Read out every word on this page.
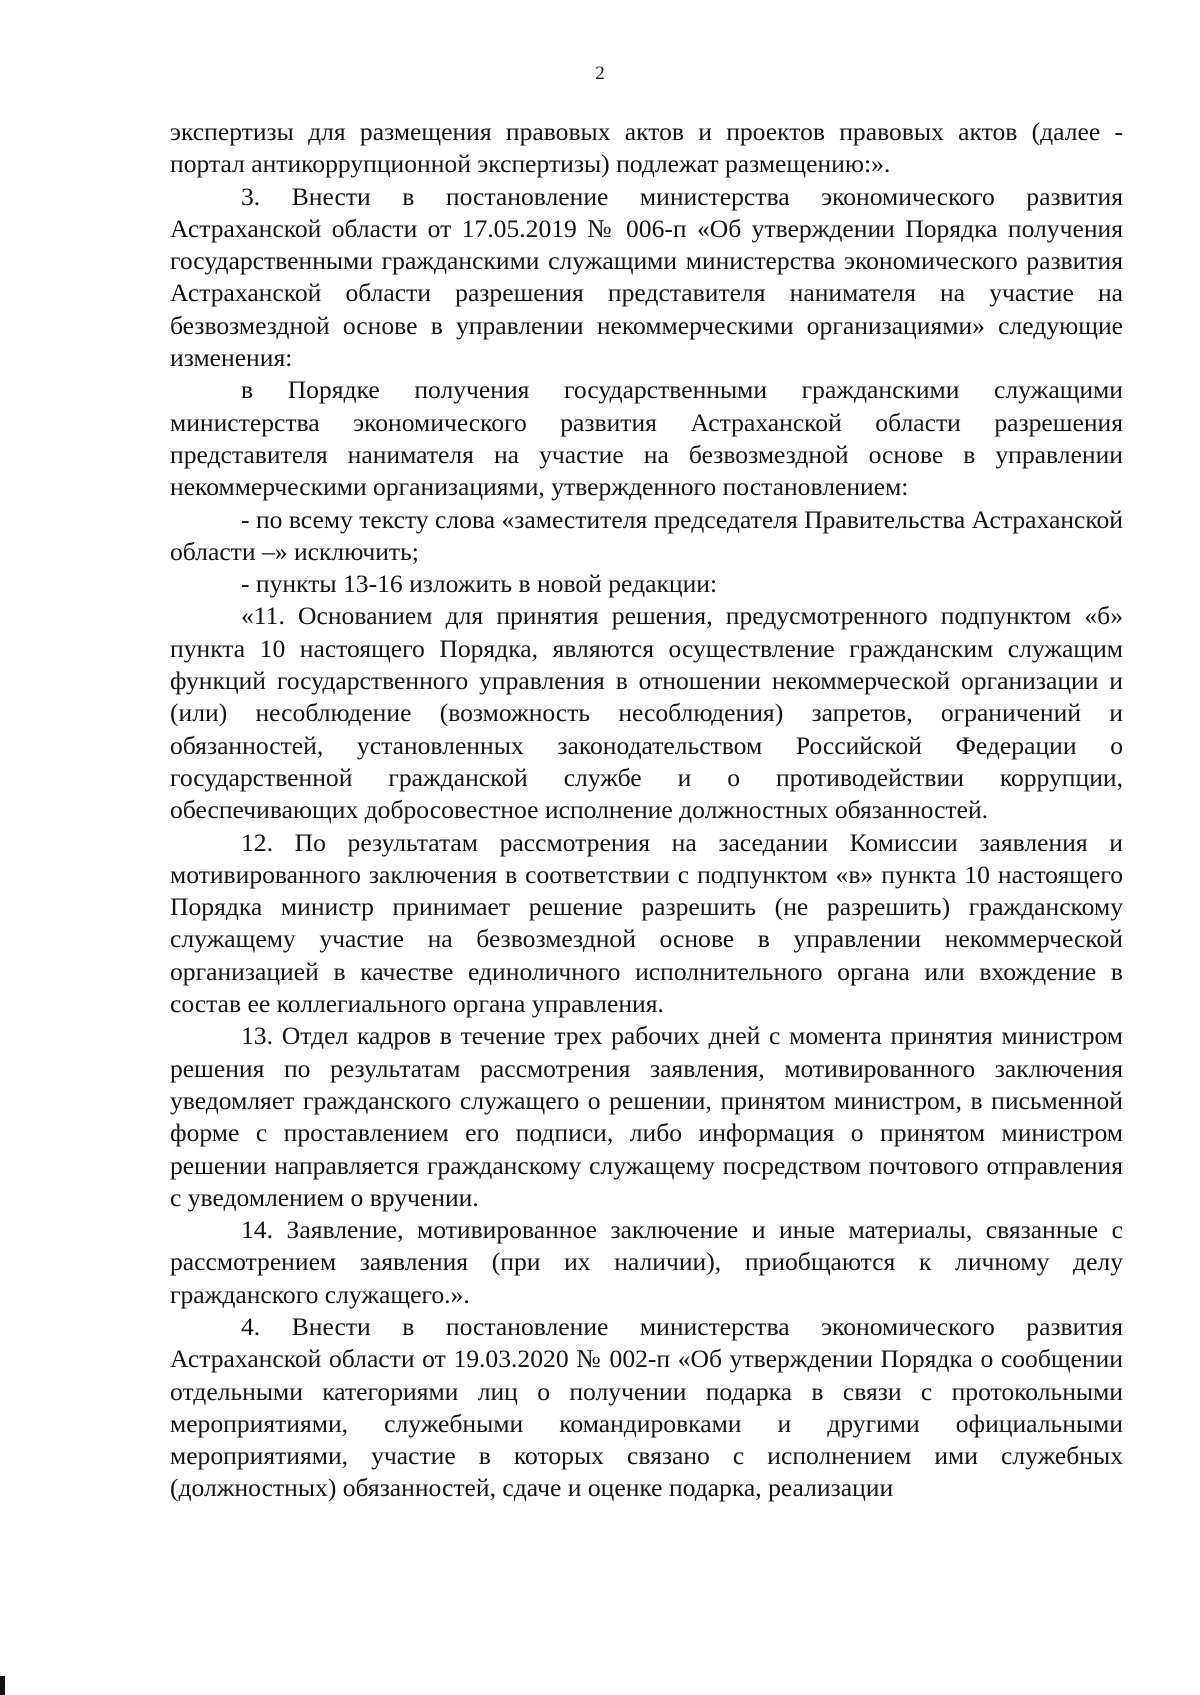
2

экспертизы для размещения правовых актов и проектов правовых актов (далее - портал антикоррупционной экспертизы) подлежат размещению:».

3. Внести в постановление министерства экономического развития Астраханской области от 17.05.2019 № 006-п «Об утверждении Порядка получения государственными гражданскими служащими министерства экономического развития Астраханской области разрешения представителя нанимателя на участие на безвозмездной основе в управлении некоммерческими организациями» следующие изменения:

в Порядке получения государственными гражданскими служащими министерства экономического развития Астраханской области разрешения представителя нанимателя на участие на безвозмездной основе в управлении некоммерческими организациями, утвержденного постановлением:

- по всему тексту слова «заместителя председателя Правительства Астраханской области –» исключить;

- пункты 13-16 изложить в новой редакции:

«11. Основанием для принятия решения, предусмотренного подпунктом «б» пункта 10 настоящего Порядка, являются осуществление гражданским служащим функций государственного управления в отношении некоммерческой организации и (или) несоблюдение (возможность несоблюдения) запретов, ограничений и обязанностей, установленных законодательством Российской Федерации о государственной гражданской службе и о противодействии коррупции, обеспечивающих добросовестное исполнение должностных обязанностей.

12. По результатам рассмотрения на заседании Комиссии заявления и мотивированного заключения в соответствии с подпунктом «в» пункта 10 настоящего Порядка министр принимает решение разрешить (не разрешить) гражданскому служащему участие на безвозмездной основе в управлении некоммерческой организацией в качестве единоличного исполнительного органа или вхождение в состав ее коллегиального органа управления.

13. Отдел кадров в течение трех рабочих дней с момента принятия министром решения по результатам рассмотрения заявления, мотивированного заключения уведомляет гражданского служащего о решении, принятом министром, в письменной форме с проставлением его подписи, либо информация о принятом министром решении направляется гражданскому служащему посредством почтового отправления с уведомлением о вручении.

14. Заявление, мотивированное заключение и иные материалы, связанные с рассмотрением заявления (при их наличии), приобщаются к личному делу гражданского служащего.».

4. Внести в постановление министерства экономического развития Астраханской области от 19.03.2020 № 002-п «Об утверждении Порядка о сообщении отдельными категориями лиц о получении подарка в связи с протокольными мероприятиями, служебными командировками и другими официальными мероприятиями, участие в которых связано с исполнением ими служебных (должностных) обязанностей, сдаче и оценке подарка, реализации
